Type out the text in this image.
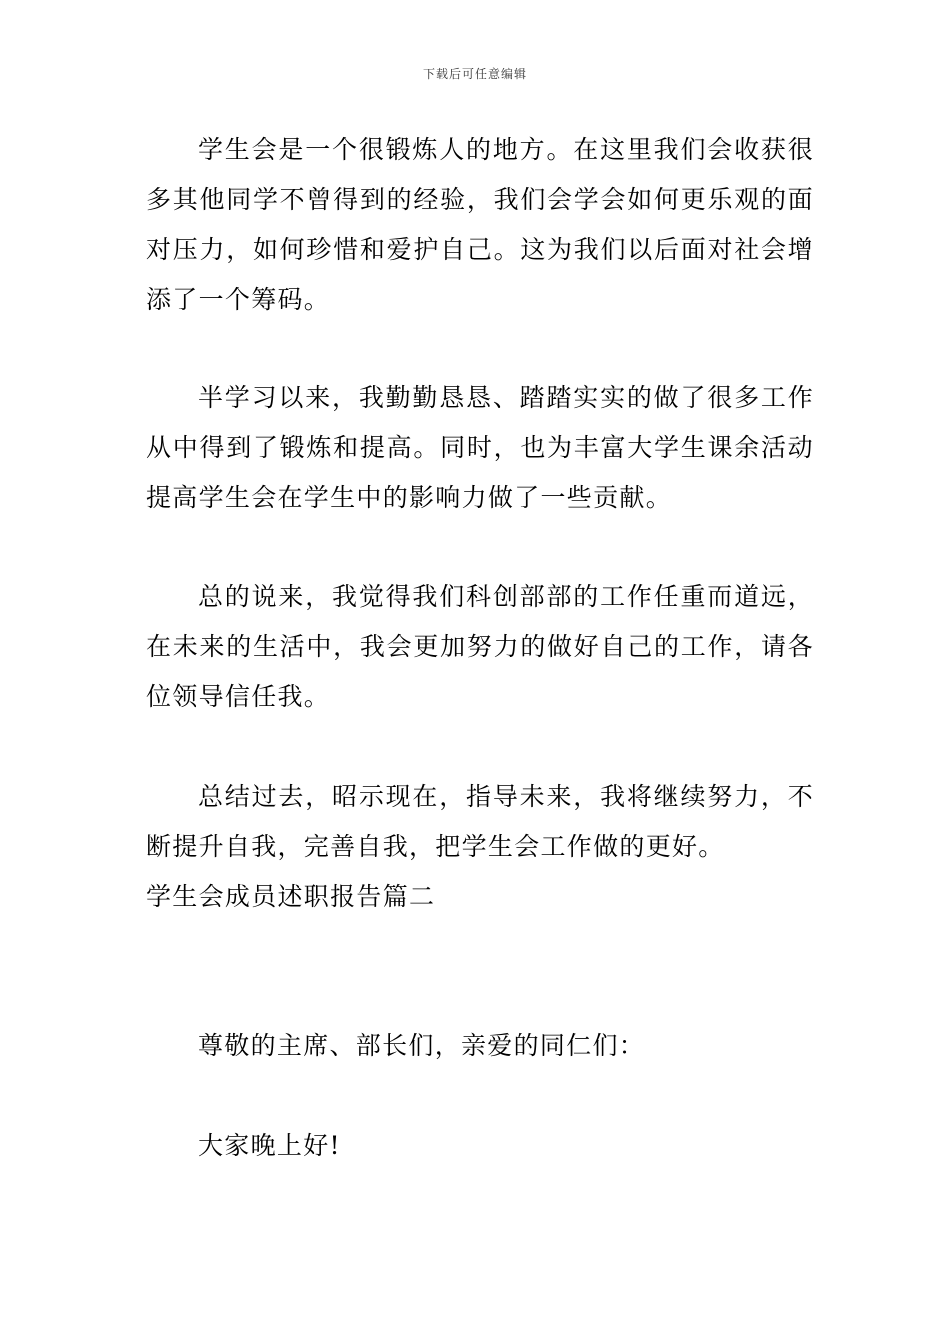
下载后可任意编辑

学生会是一个很锻炼人的地方。在这里我们会收获很多其他同学不曾得到的经验，我们会学会如何更乐观的面对压力，如何珍惜和爱护自己。这为我们以后面对社会增添了一个筹码。

半学习以来，我勤勤恳恳、踏踏实实的做了很多工作从中得到了锻炼和提高。同时，也为丰富大学生课余活动提高学生会在学生中的影响力做了一些贡献。

总的说来，我觉得我们科创部部的工作任重而道远，在未来的生活中，我会更加努力的做好自己的工作，请各位领导信任我。

总结过去，昭示现在，指导未来，我将继续努力，不断提升自我，完善自我，把学生会工作做的更好。

学生会成员述职报告篇二

尊敬的主席、部长们，亲爱的同仁们：

大家晚上好!
